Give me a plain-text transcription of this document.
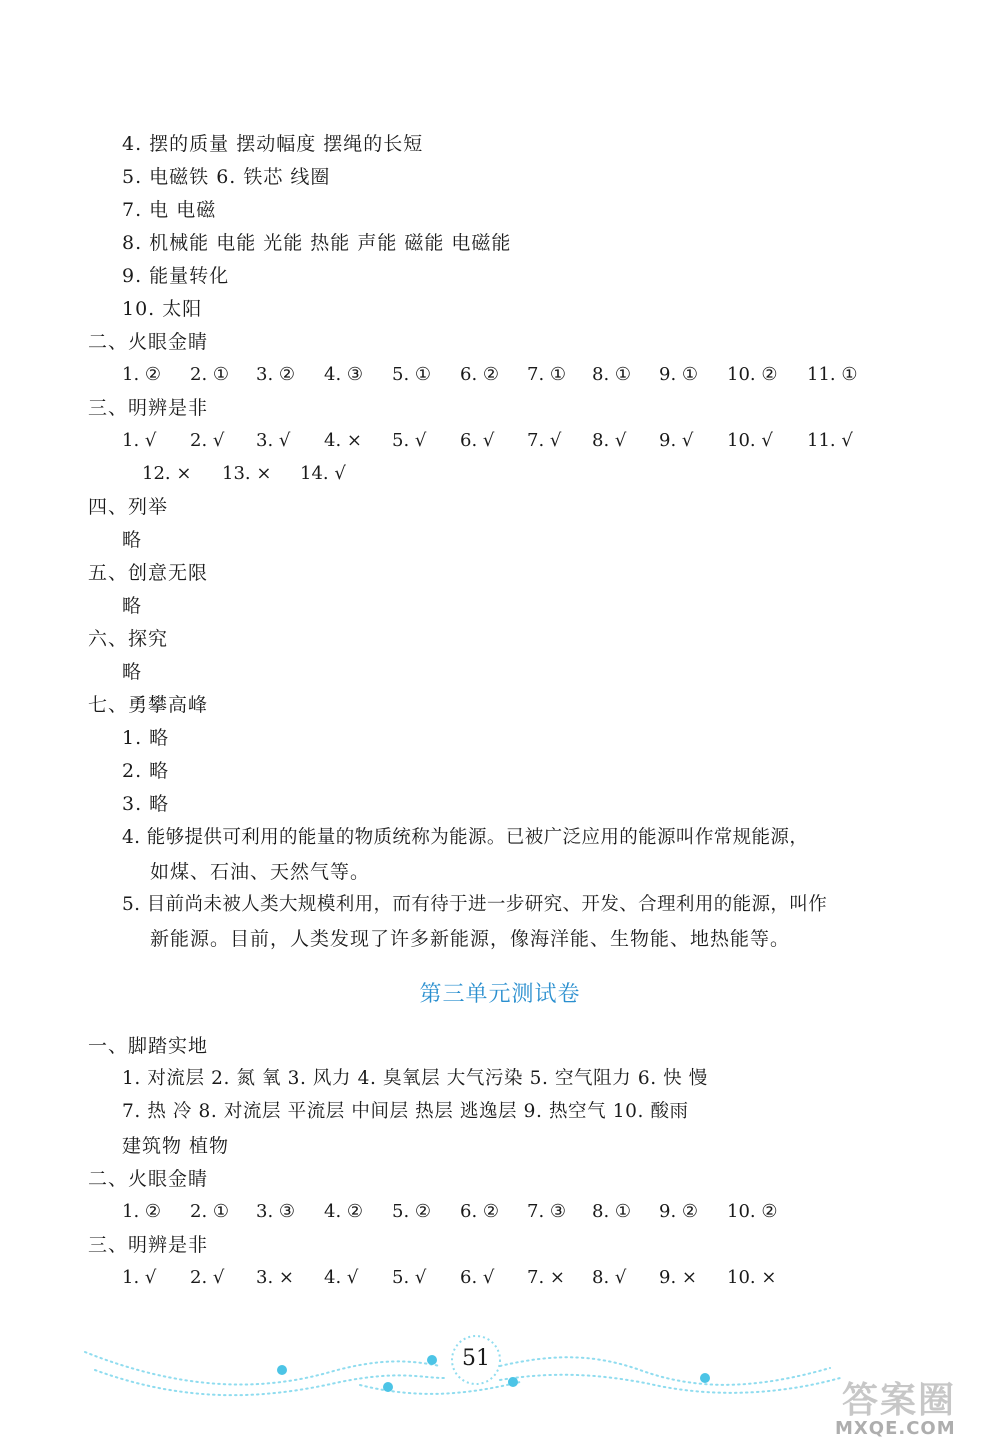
4. 摆的质量 摆动幅度 摆绳的长短
5. 电磁铁 6. 铁芯 线圈
7. 电 电磁
8. 机械能 电能 光能 热能 声能 磁能 电磁能
9. 能量转化
10. 太阳
二、火眼金睛
1. ② 2. ① 3. ② 4. ③ 5. ① 6. ② 7. ① 8. ① 9. ① 10. ② 11. ①
三、明辨是非
1. √ 2. √ 3. √ 4. × 5. √ 6. √ 7. √ 8. √ 9. √ 10. √ 11. √
12. × 13. × 14. √
四、列举
略
五、创意无限
略
六、探究
略
七、勇攀高峰
1. 略
2. 略
3. 略
4. 能够提供可利用的能量的物质统称为能源。已被广泛应用的能源叫作常规能源，
如煤、石油、天然气等。
5. 目前尚未被人类大规模利用，而有待于进一步研究、开发、合理利用的能源，叫作
新能源。目前，人类发现了许多新能源，像海洋能、生物能、地热能等。
第三单元测试卷
一、脚踏实地
1. 对流层 2. 氮 氧 3. 风力 4. 臭氧层 大气污染 5. 空气阻力 6. 快 慢
7. 热 冷 8. 对流层 平流层 中间层 热层 逃逸层 9. 热空气 10. 酸雨
建筑物 植物
二、火眼金睛
1. ② 2. ① 3. ③ 4. ② 5. ② 6. ② 7. ③ 8. ① 9. ② 10. ②
三、明辨是非
1. √ 2. √ 3. × 4. √ 5. √ 6. √ 7. × 8. √ 9. × 10. ×
51
答案圈
MXQE.COM
